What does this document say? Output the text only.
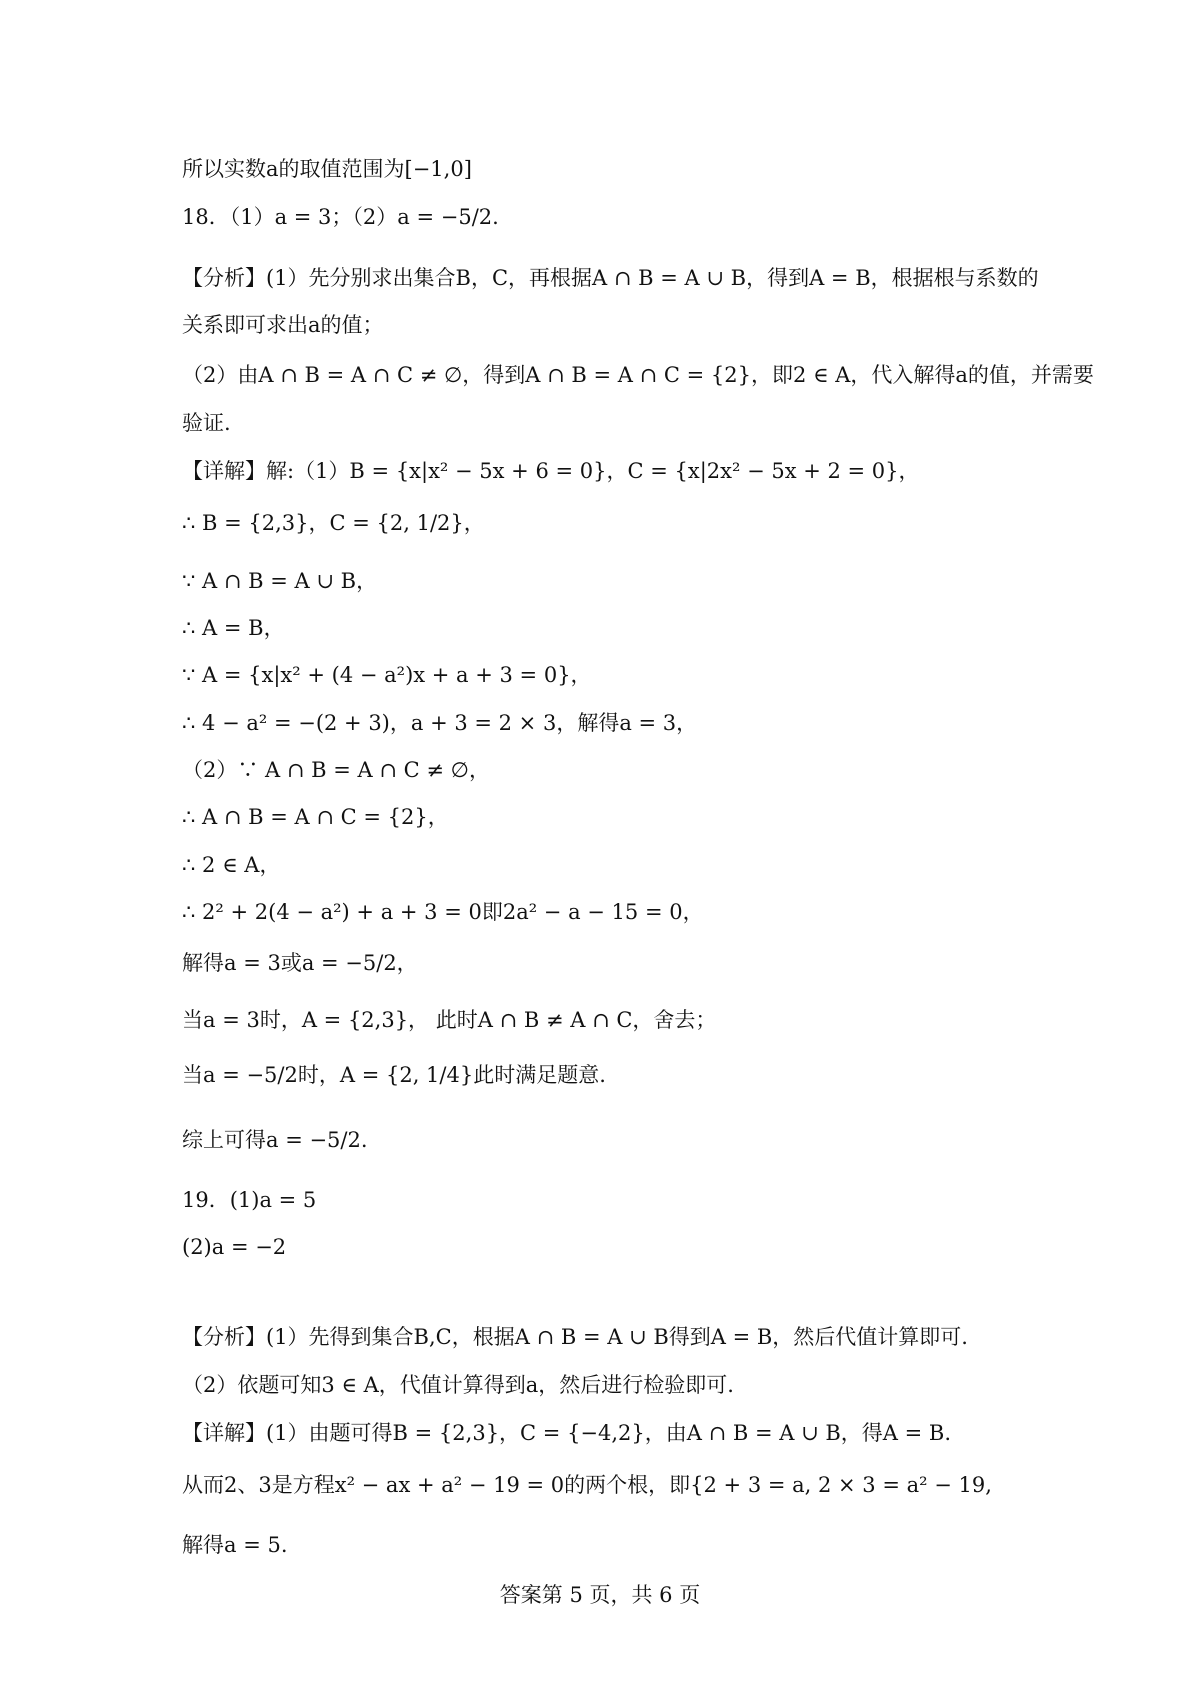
所以实数a的取值范围为[−1,0]
18．（1）a = 3；（2）a = −5/2.
【分析】(1）先分别求出集合B，C，再根据A ∩ B = A ∪ B，得到A = B，根据根与系数的
关系即可求出a的值；
（2）由A ∩ B = A ∩ C ≠ ∅，得到A ∩ B = A ∩ C = {2}，即2 ∈ A，代入解得a的值，并需要
验证.
【详解】解:（1）B = {x|x² − 5x + 6 = 0}，C = {x|2x² − 5x + 2 = 0}，
∴ B = {2,3}，C = {2, 1/2}，
∵ A ∩ B = A ∪ B，
∴ A = B，
∵ A = {x|x² + (4 − a²)x + a + 3 = 0}，
∴ 4 − a² = −(2 + 3)，a + 3 = 2 × 3，解得a = 3，
（2）∵ A ∩ B = A ∩ C ≠ ∅，
∴ A ∩ B = A ∩ C = {2}，
∴ 2 ∈ A，
∴ 2² + 2(4 − a²) + a + 3 = 0即2a² − a − 15 = 0，
解得a = 3或a = −5/2，
当a = 3时，A = {2,3}， 此时A ∩ B ≠ A ∩ C，舍去；
当a = −5/2时，A = {2, 1/4}此时满足题意.
综上可得a = −5/2.
19．(1)a = 5
(2)a = −2
【分析】(1）先得到集合B,C，根据A ∩ B = A ∪ B得到A = B，然后代值计算即可.
（2）依题可知3 ∈ A，代值计算得到a，然后进行检验即可.
【详解】(1）由题可得B = {2,3}，C = {−4,2}，由A ∩ B = A ∪ B，得A = B.
从而2、3是方程x² − ax + a² − 19 = 0的两个根，即{2 + 3 = a, 2 × 3 = a² − 19,
解得a = 5.
答案第 5 页，共 6 页
